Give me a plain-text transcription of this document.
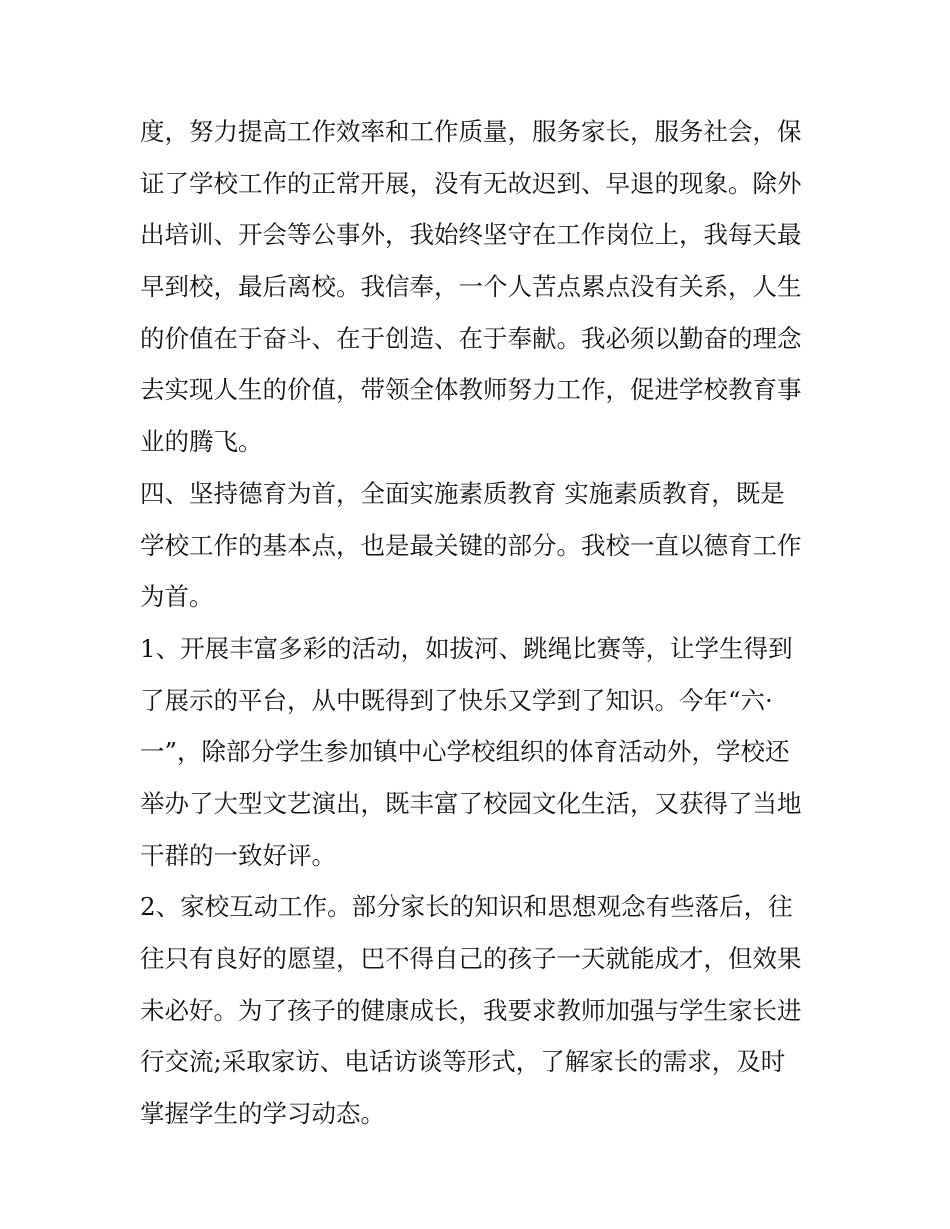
度，努力提高工作效率和工作质量，服务家长，服务社会，保
证了学校工作的正常开展，没有无故迟到、早退的现象。除外
出培训、开会等公事外，我始终坚守在工作岗位上，我每天最
早到校，最后离校。我信奉，一个人苦点累点没有关系，人生
的价值在于奋斗、在于创造、在于奉献。我必须以勤奋的理念
去实现人生的价值，带领全体教师努力工作，促进学校教育事
业的腾飞。
四、坚持德育为首，全面实施素质教育 实施素质教育，既是
学校工作的基本点，也是最关键的部分。我校一直以德育工作
为首。
1、开展丰富多彩的活动，如拔河、跳绳比赛等，让学生得到
了展示的平台，从中既得到了快乐又学到了知识。今年“六·
一”，除部分学生参加镇中心学校组织的体育活动外，学校还
举办了大型文艺演出，既丰富了校园文化生活，又获得了当地
干群的一致好评。
2、家校互动工作。部分家长的知识和思想观念有些落后，往
往只有良好的愿望，巴不得自己的孩子一天就能成才，但效果
未必好。为了孩子的健康成长，我要求教师加强与学生家长进
行交流;采取家访、电话访谈等形式，了解家长的需求，及时
掌握学生的学习动态。
